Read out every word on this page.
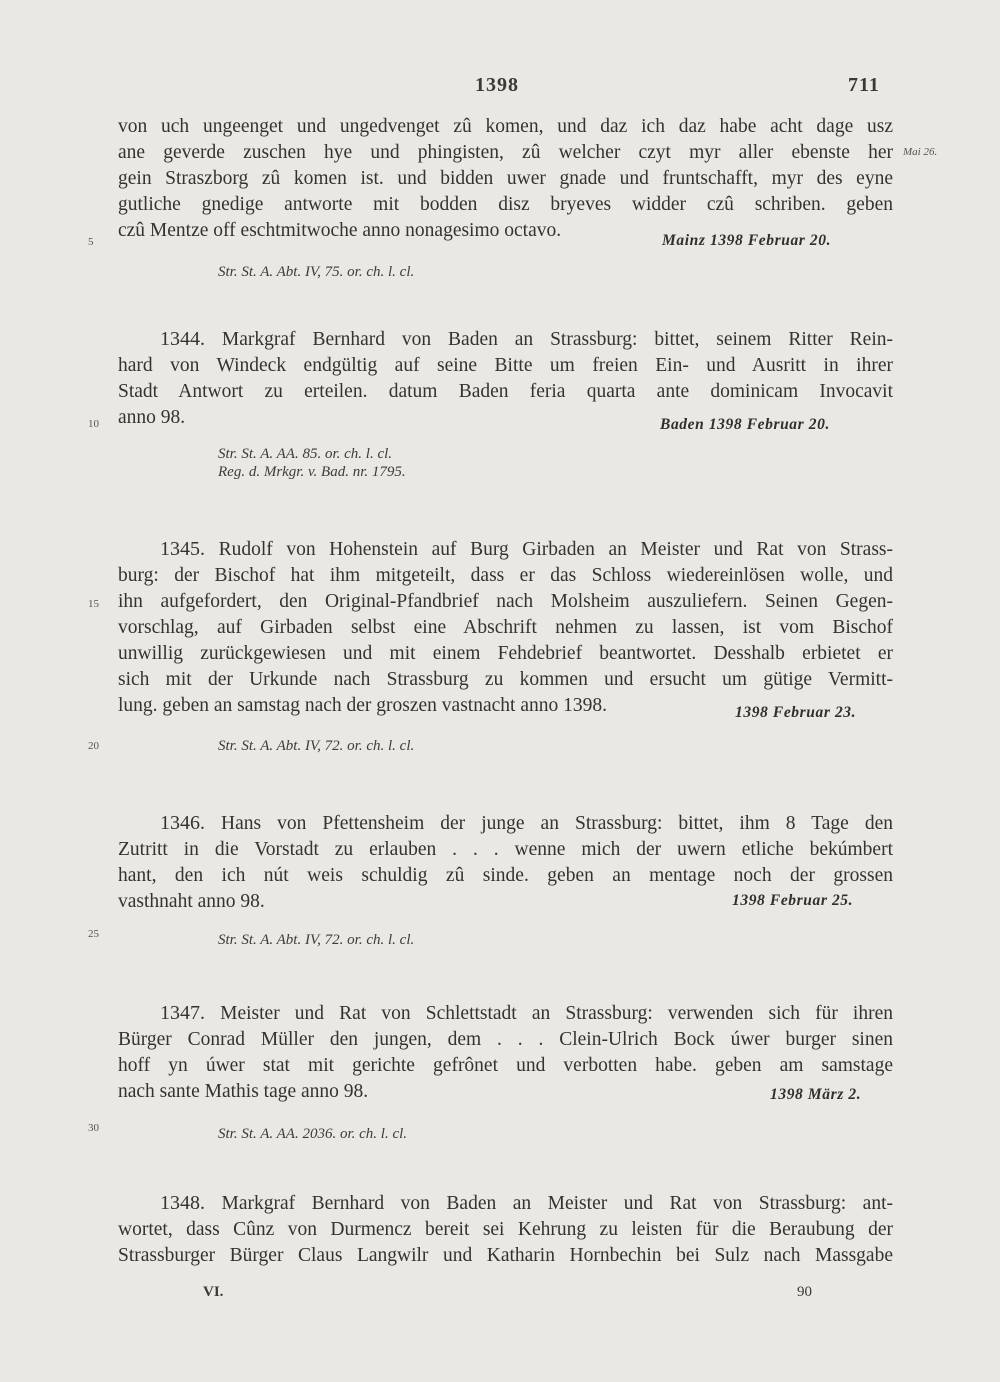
1398	711
von uch ungeenget und ungedvenget zû komen, und daz ich daz habe acht dage usz
ane geverde zuschen hye und phingisten, zû welcher czyt myr aller ebenste her
gein Straszborg zû komen ist. und bidden uwer gnade und fruntschafft, myr des eyne
gutliche gnedige antworte mit bodden disz bryeves widder czû schriben. geben
czû Mentze off eschtmitwoche anno nonagesimo octavo.
Mai 26.
Mainz 1398 Februar 20.
Str. St. A. Abt. IV, 75. or. ch. l. cl.
1344. Markgraf Bernhard von Baden an Strassburg: bittet, seinem Ritter Rein-
hard von Windeck endgültig auf seine Bitte um freien Ein- und Ausritt in ihrer
Stadt Antwort zu erteilen. datum Baden feria quarta ante dominicam Invocavit
anno 98.	Baden 1398 Februar 20.
Str. St. A. AA. 85. or. ch. l. cl.
Reg. d. Mrkgr. v. Bad. nr. 1795.
1345. Rudolf von Hohenstein auf Burg Girbaden an Meister und Rat von Strass-
burg: der Bischof hat ihm mitgeteilt, dass er das Schloss wiedereinlösen wolle, und
ihn aufgefordert, den Original-Pfandbrief nach Molsheim auszuliefern. Seinen Gegen-
vorschlag, auf Girbaden selbst eine Abschrift nehmen zu lassen, ist vom Bischof
unwillig zurückgewiesen und mit einem Fehdebrief beantwortet. Desshalb erbietet er
sich mit der Urkunde nach Strassburg zu kommen und ersucht um gütige Vermitt-
lung. geben an samstag nach der groszen vastnacht anno 1398.	1398 Februar 23.
Str. St. A. Abt. IV, 72. or. ch. l. cl.
1346. Hans von Pfettensheim der junge an Strassburg: bittet, ihm 8 Tage den
Zutritt in die Vorstadt zu erlauben . . . wenne mich der uwern etliche bekúmbert
hant, den ich nút weis schuldig zû sinde. geben an mentage noch der grossen
vasthnaht anno 98.	1398 Februar 25.
Str. St. A. Abt. IV, 72. or. ch. l. cl.
1347. Meister und Rat von Schlettstadt an Strassburg: verwenden sich für ihren
Bürger Conrad Müller den jungen, dem . . . Clein-Ulrich Bock úwer burger sinen
hoff yn úwer stat mit gerichte gefrônet und verbotten habe. geben am samstage
nach sante Mathis tage anno 98.	1398 März 2.
Str. St. A. AA. 2036. or. ch. l. cl.
1348. Markgraf Bernhard von Baden an Meister und Rat von Strassburg: ant-
wortet, dass Cûnz von Durmencz bereit sei Kehrung zu leisten für die Beraubung der
Strassburger Bürger Claus Langwilr und Katharin Hornbechin bei Sulz nach Massgabe
5
10
15
20
25
30
VI.	90
